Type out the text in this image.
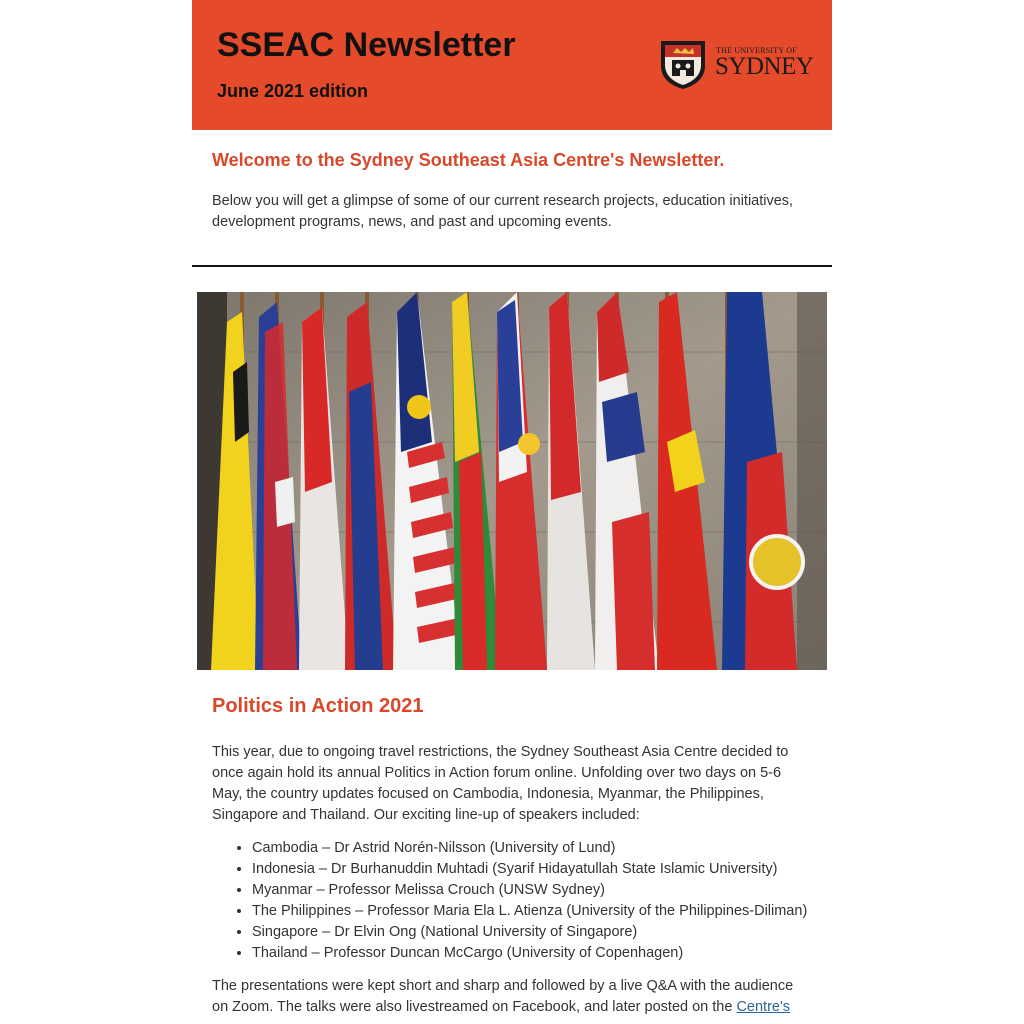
SSEAC Newsletter
June 2021 edition
THE UNIVERSITY OF
SYDNEY
Welcome to the Sydney Southeast Asia Centre's Newsletter.

Below you will get a glimpse of some of our current research projects, education initiatives, development programs, news, and past and upcoming events.

Politics in Action 2021

This year, due to ongoing travel restrictions, the Sydney Southeast Asia Centre decided to once again hold its annual Politics in Action forum online. Unfolding over two days on 5-6 May, the country updates focused on Cambodia, Indonesia, Myanmar, the Philippines, Singapore and Thailand. Our exciting line-up of speakers included:

• Cambodia – Dr Astrid Norén-Nilsson (University of Lund)
• Indonesia – Dr Burhanuddin Muhtadi (Syarif Hidayatullah State Islamic University)
• Myanmar – Professor Melissa Crouch (UNSW Sydney)
• The Philippines – Professor Maria Ela L. Atienza (University of the Philippines-Diliman)
• Singapore – Dr Elvin Ong (National University of Singapore)
• Thailand – Professor Duncan McCargo (University of Copenhagen)

The presentations were kept short and sharp and followed by a live Q&A with the audience on Zoom. The talks were also livestreamed on Facebook, and later posted on the Centre's
